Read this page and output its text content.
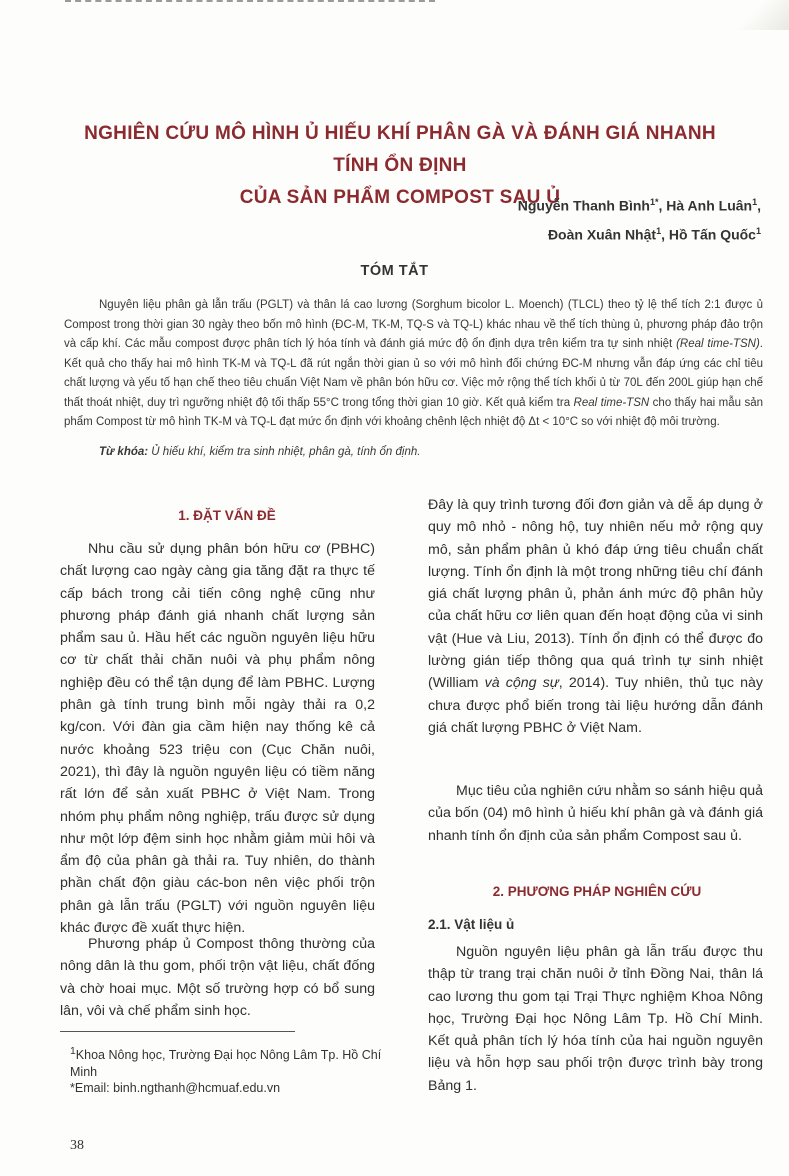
NGHIÊN CỨU MÔ HÌNH Ủ HIẾU KHÍ PHÂN GÀ VÀ ĐÁNH GIÁ NHANH TÍNH ỔN ĐỊNH
CỦA SẢN PHẨM COMPOST SAU Ủ
Nguyễn Thanh Bình$^{1*}$, Hà Anh Luân$^1$,
Đoàn Xuân Nhật$^1$, Hồ Tấn Quốc$^1$
TÓM TẮT

Nguyên liệu phân gà lẫn trấu (PGLT) và thân lá cao lương (Sorghum bicolor L. Moench) (TLCL) theo tỷ lệ thể tích 2:1 được ủ Compost trong thời gian 30 ngày theo bốn mô hình (ĐC-M, TK-M, TQ-S và TQ-L) khác nhau về thể tích thùng ủ, phương pháp đảo trộn và cấp khí. Các mẫu compost được phân tích lý hóa tính và đánh giá mức độ ổn định dựa trên kiểm tra tự sinh nhiệt (Real time-TSN). Kết quả cho thấy hai mô hình TK-M và TQ-L đã rút ngắn thời gian ủ so với mô hình đối chứng ĐC-M nhưng vẫn đáp ứng các chỉ tiêu chất lượng và yếu tố hạn chế theo tiêu chuẩn Việt Nam về phân bón hữu cơ. Việc mở rộng thể tích khối ủ từ 70L đến 200L giúp hạn chế thất thoát nhiệt, duy trì ngưỡng nhiệt độ tối thấp 55°C trong tổng thời gian 10 giờ. Kết quả kiểm tra Real time-TSN cho thấy hai mẫu sản phẩm Compost từ mô hình TK-M và TQ-L đạt mức ổn định với khoảng chênh lệch nhiệt độ Δt < 10°C so với nhiệt độ môi trường.

Từ khóa: Ủ hiếu khí, kiểm tra sinh nhiệt, phân gà, tính ổn định.
1. ĐẶT VẤN ĐỀ

Nhu cầu sử dụng phân bón hữu cơ (PBHC) chất lượng cao ngày càng gia tăng đặt ra thực tế cấp bách trong cải tiến công nghệ cũng như phương pháp đánh giá nhanh chất lượng sản phẩm sau ủ. Hầu hết các nguồn nguyên liệu hữu cơ từ chất thải chăn nuôi và phụ phẩm nông nghiệp đều có thể tận dụng để làm PBHC. Lượng phân gà tính trung bình mỗi ngày thải ra 0,2 kg/con. Với đàn gia cầm hiện nay thống kê cả nước khoảng 523 triệu con (Cục Chăn nuôi, 2021), thì đây là nguồn nguyên liệu có tiềm năng rất lớn để sản xuất PBHC ở Việt Nam. Trong nhóm phụ phẩm nông nghiệp, trấu được sử dụng như một lớp đệm sinh học nhằm giảm mùi hôi và ẩm độ của phân gà thải ra. Tuy nhiên, do thành phần chất độn giàu các-bon nên việc phối trộn phân gà lẫn trấu (PGLT) với nguồn nguyên liệu khác được đề xuất thực hiện.

Phương pháp ủ Compost thông thường của nông dân là thu gom, phối trộn vật liệu, chất đống và chờ hoai mục. Một số trường hợp có bổ sung lân, vôi và chế phẩm sinh học.

$^1$Khoa Nông học, Trường Đại học Nông Lâm Tp. Hồ Chí Minh
*Email: binh.ngthanh@hcmuaf.edu.vn

Đây là quy trình tương đối đơn giản và dễ áp dụng ở quy mô nhỏ - nông hộ, tuy nhiên nếu mở rộng quy mô, sản phẩm phân ủ khó đáp ứng tiêu chuẩn chất lượng. Tính ổn định là một trong những tiêu chí đánh giá chất lượng phân ủ, phản ánh mức độ phân hủy của chất hữu cơ liên quan đến hoạt động của vi sinh vật (Hue và Liu, 2013). Tính ổn định có thể được đo lường gián tiếp thông qua quá trình tự sinh nhiệt (William và cộng sự, 2014). Tuy nhiên, thủ tục này chưa được phổ biến trong tài liệu hướng dẫn đánh giá chất lượng PBHC ở Việt Nam.

Mục tiêu của nghiên cứu nhằm so sánh hiệu quả của bốn (04) mô hình ủ hiếu khí phân gà và đánh giá nhanh tính ổn định của sản phẩm Compost sau ủ.

2. PHƯƠNG PHÁP NGHIÊN CỨU
2.1. Vật liệu ủ

Nguồn nguyên liệu phân gà lẫn trấu được thu thập từ trang trại chăn nuôi ở tỉnh Đồng Nai, thân lá cao lương thu gom tại Trại Thực nghiệm Khoa Nông học, Trường Đại học Nông Lâm Tp. Hồ Chí Minh. Kết quả phân tích lý hóa tính của hai nguồn nguyên liệu và hỗn hợp sau phối trộn được trình bày trong Bảng 1.

38
